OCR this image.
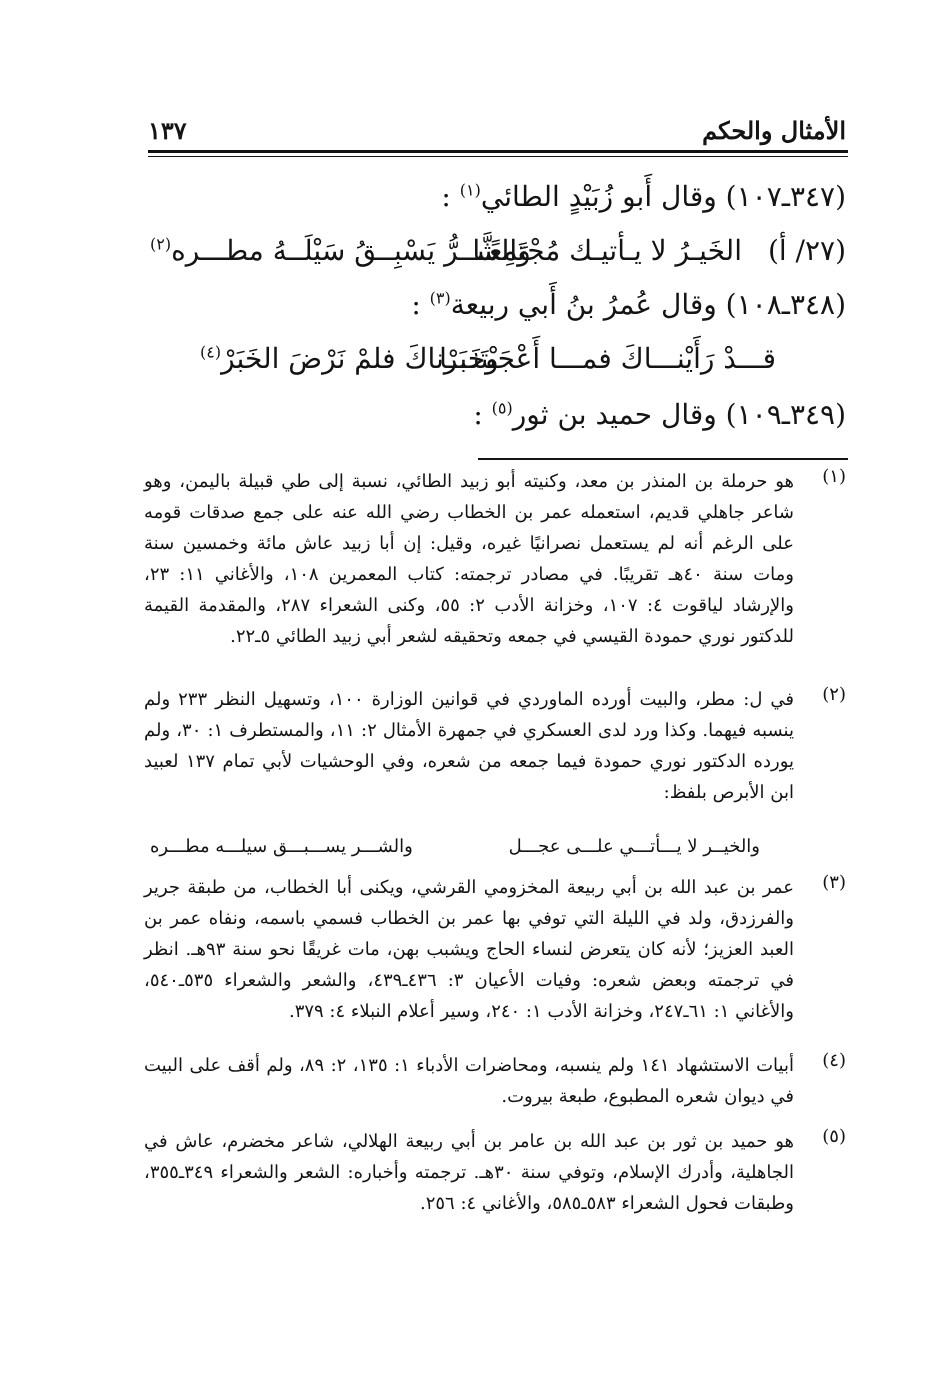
الأمثال والحكم
١٣٧
(٣٤٧ـ١٠٧) وقال أَبو زُبَيْدٍ الطائي$^{(١)}$ :
(٢٧/ أ)
الخَيـرُ لا يـأتيـك مُجْتَمِعًـا
وَالشَّــرُّ يَسْبِــقُ سَيْلَــهُ مطـــره$^{(٢)}$
(٣٤٨ـ١٠٨) وقال عُمرُ بنُ أَبي ربيعة$^{(٣)}$ :
قـــدْ رَأَيْنـــاكَ فمـــا أَعْجَبْتَنـــا
وخَبَرْناكَ فلمْ نَرْضَ الخَبَرْ$^{(٤)}$
(٣٤٩ـ١٠٩) وقال حميد بن ثور$^{(٥)}$ :
(١)
هو حرملة بن المنذر بن معد، وكنيته أبو زبيد الطائي، نسبة إلى طي قبيلة باليمن، وهو شاعر جاهلي قديم، استعمله عمر بن الخطاب رضي الله عنه على جمع صدقات قومه على الرغم أنه لم يستعمل نصرانيًا غيره، وقيل: إن أبا زبيد عاش مائة وخمسين سنة ومات سنة ٤٠هـ تقريبًا. في مصادر ترجمته: كتاب المعمرين ١٠٨، والأغاني ١١: ٢٣، والإرشاد لياقوت ٤: ١٠٧، وخزانة الأدب ٢: ٥٥، وكنى الشعراء ٢٨٧، والمقدمة القيمة للدكتور نوري حمودة القيسي في جمعه وتحقيقه لشعر أبي زبيد الطائي ٥ـ٢٢.
(٢)
في ل: مطر، والبيت أورده الماوردي في قوانين الوزارة ١٠٠، وتسهيل النظر ٢٣٣ ولم ينسبه فيهما. وكذا ورد لدى العسكري في جمهرة الأمثال ٢: ١١، والمستطرف ١: ٣٠، ولم يورده الدكتور نوري حمودة فيما جمعه من شعره، وفي الوحشيات لأبي تمام ١٣٧ لعبيد ابن الأبرص بلفظ:
والخيــر لا يـــأتـــي علـــى عجـــل
والشـــر يســـبـــق سيلـــه مطـــره
(٣)
عمر بن عبد الله بن أبي ربيعة المخزومي القرشي، ويكنى أبا الخطاب، من طبقة جرير والفرزدق، ولد في الليلة التي توفي بها عمر بن الخطاب فسمي باسمه، ونفاه عمر بن العبد العزيز؛ لأنه كان يتعرض لنساء الحاج ويشبب بهن، مات غريقًا نحو سنة ٩٣هـ. انظر في ترجمته وبعض شعره: وفيات الأعيان ٣: ٤٣٦ـ٤٣٩، والشعر والشعراء ٥٣٥ـ٥٤٠، والأغاني ١: ٦١ـ٢٤٧، وخزانة الأدب ١: ٢٤٠، وسير أعلام النبلاء ٤: ٣٧٩.
(٤)
أبيات الاستشهاد ١٤١ ولم ينسبه، ومحاضرات الأدباء ١: ١٣٥، ٢: ٨٩، ولم أقف على البيت في ديوان شعره المطبوع، طبعة بيروت.
(٥)
هو حميد بن ثور بن عبد الله بن عامر بن أبي ربيعة الهلالي، شاعر مخضرم، عاش في الجاهلية، وأدرك الإسلام، وتوفي سنة ٣٠هـ. ترجمته وأخباره: الشعر والشعراء ٣٤٩ـ٣٥٥، وطبقات فحول الشعراء ٥٨٣ـ٥٨٥، والأغاني ٤: ٢٥٦.
